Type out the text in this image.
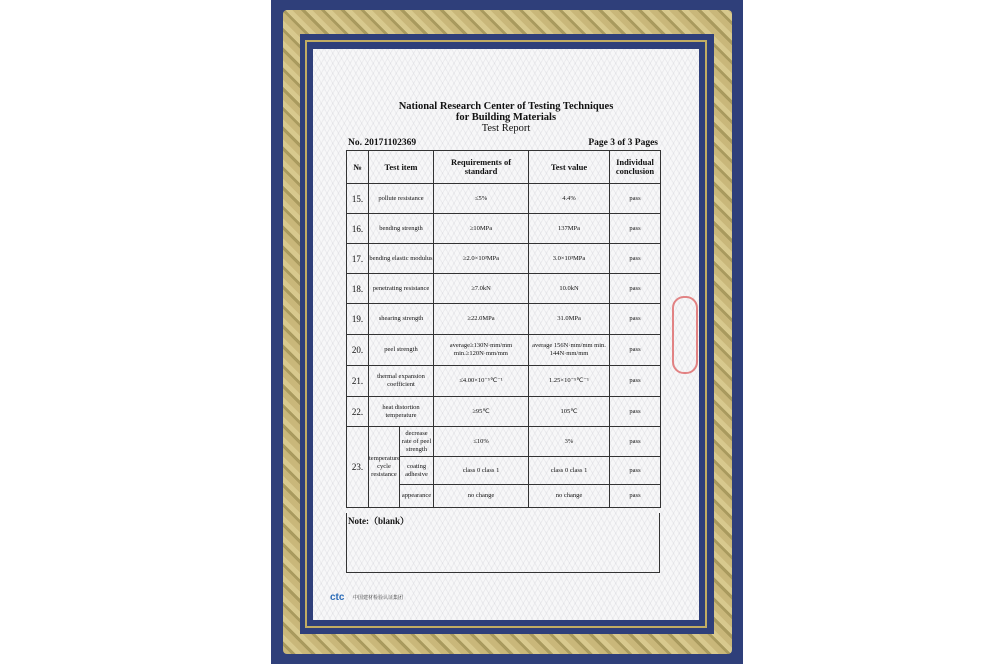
National Research Center of Testing Techniques
for Building Materials
Test Report
No. 20171102369	Page 3 of 3 Pages
№	Test item		Requirements of standard	Test value	Individual conclusion
15.	pollute resistance		≤5%	4.4%	pass
16.	bending strength		≥10MPa	137MPa	pass
17.	bending elastic modulus		≥2.0×10³MPa	3.0×10³MPa	pass
18.	penetrating resistance		≥7.0kN	10.0kN	pass
19.	shearing strength		≥22.0MPa	31.0MPa	pass
20.	peel strength		average≥130N·mm/mm min.≥120N·mm/mm	average 156N·mm/mm min. 144N·mm/mm	pass
21.	thermal expansion coefficient		≤4.00×10⁻⁵℃⁻¹	1.25×10⁻⁵℃⁻¹	pass
22.	heat distortion temperature		≥95℃	105℃	pass
23.	temperature cycle resistance	decrease rate of peel strength	≤10%	3%	pass
		coating adhesive	class 0 class 1	class 0 class 1	pass
		appearance	no change	no change	pass
Note:（blank）
ctc	中国建材检验认证集团
